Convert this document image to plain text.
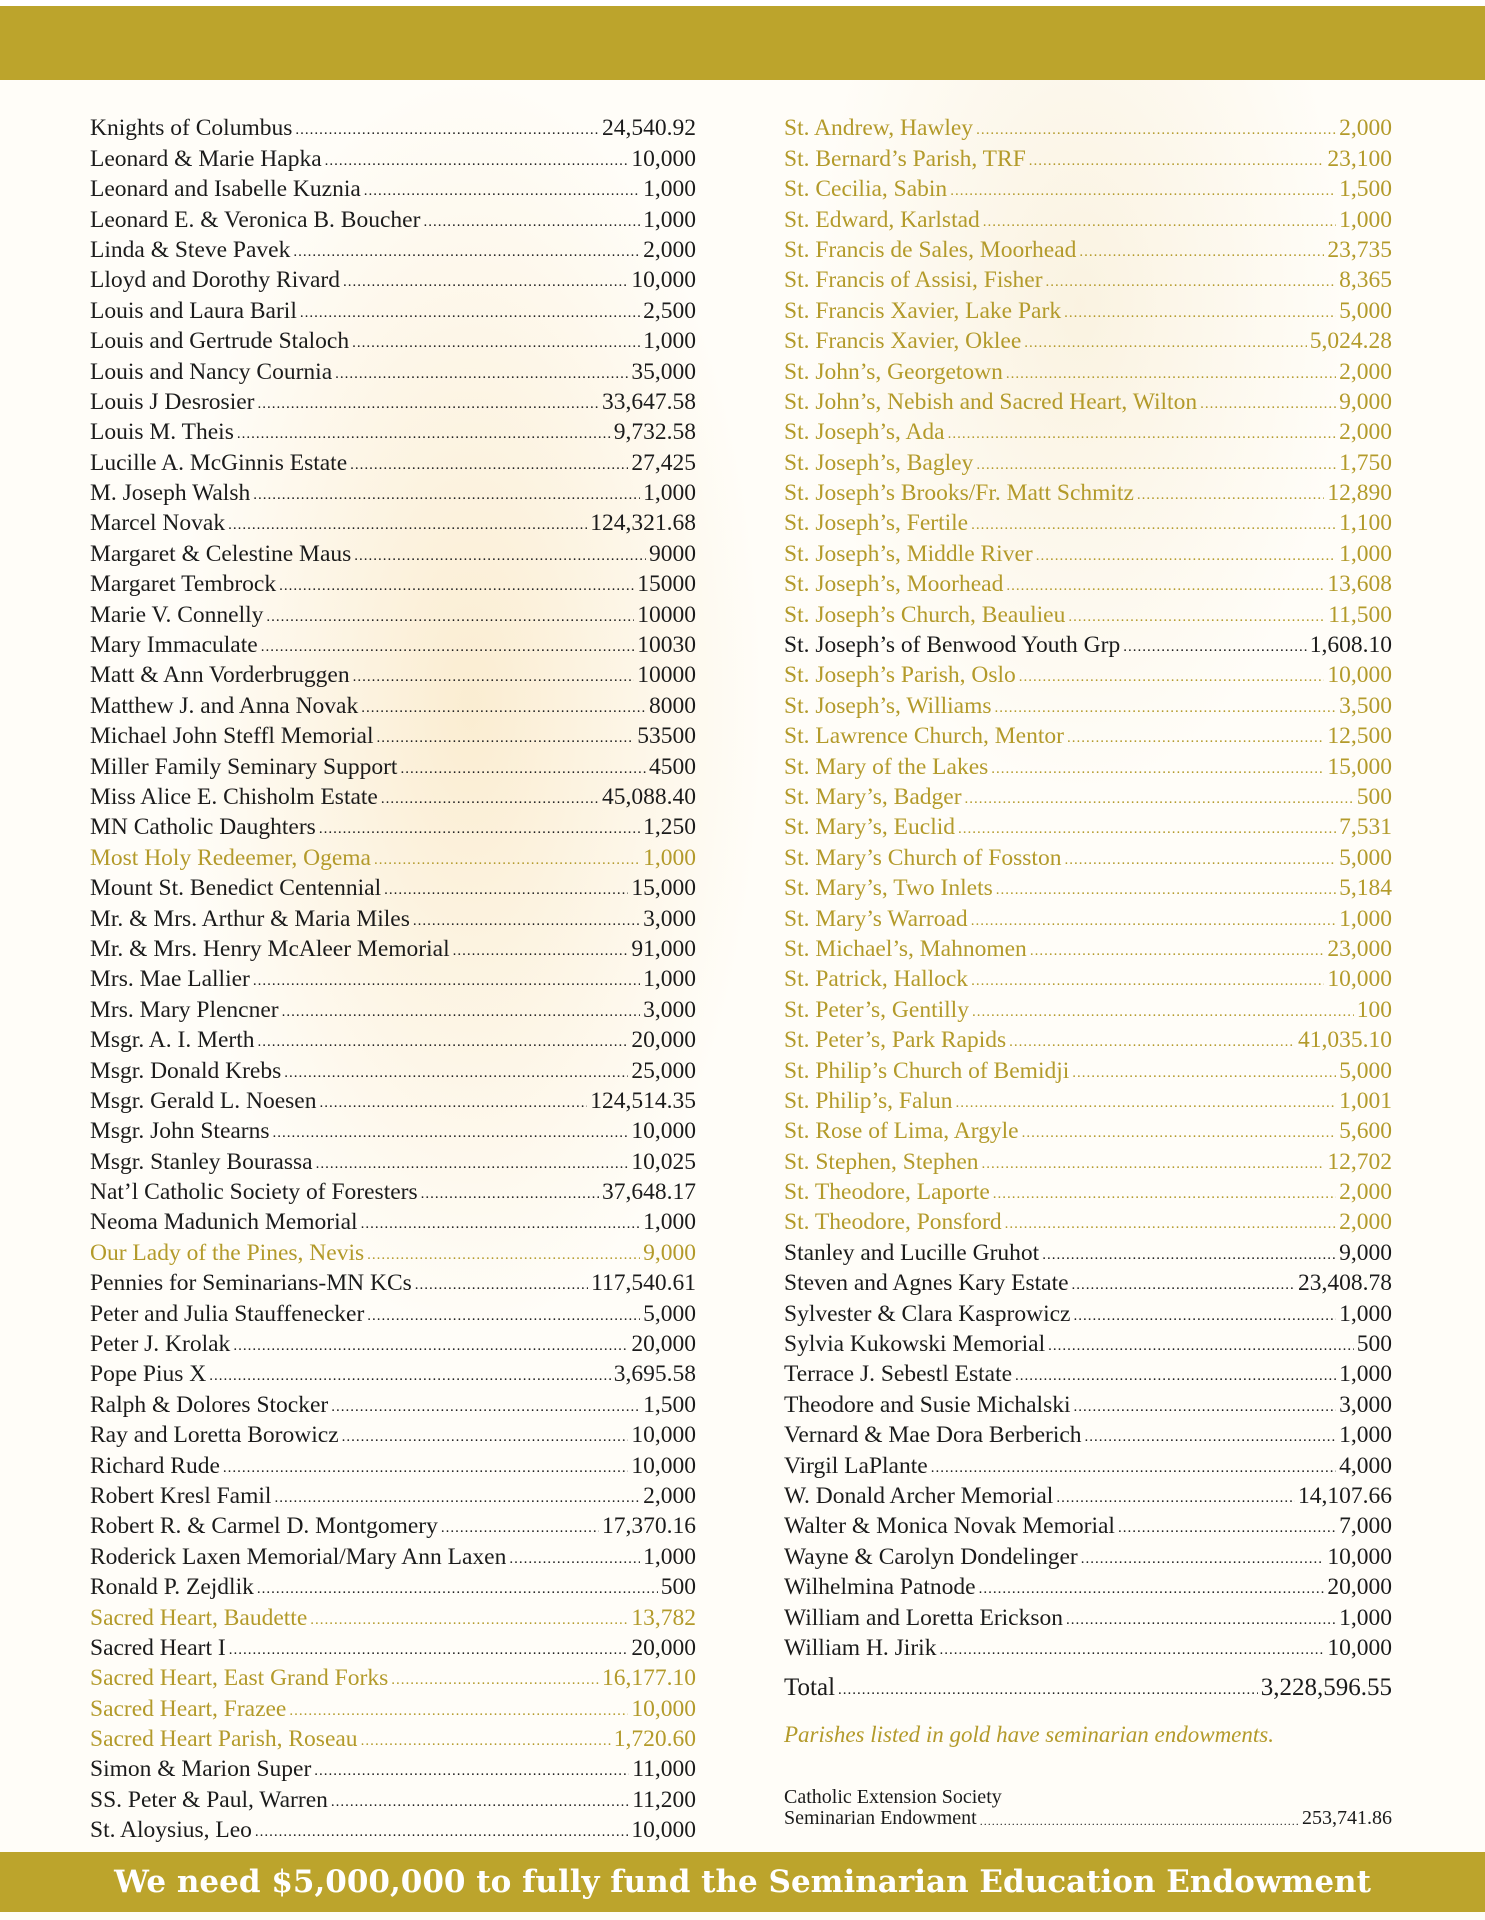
Knights of Columbus .....	24,540.92
Leonard & Marie Hapka .....	10,000
Leonard and Isabelle Kuznia .....	1,000
Leonard E. & Veronica B. Boucher .....	1,000
Linda & Steve Pavek .....	2,000
Lloyd and Dorothy Rivard .....	10,000
Louis and Laura Baril .....	2,500
Louis and Gertrude Staloch .....	1,000
Louis and Nancy Cournia .....	35,000
Louis J Desrosier .....	33,647.58
Louis M. Theis .....	9,732.58
Lucille A. McGinnis Estate .....	27,425
M. Joseph Walsh .....	1,000
Marcel Novak .....	124,321.68
Margaret & Celestine Maus .....	9000
Margaret Tembrock .....	15000
Marie V. Connelly .....	10000
Mary Immaculate .....	10030
Matt & Ann Vorderbruggen .....	10000
Matthew J. and Anna Novak .....	8000
Michael John Steffl Memorial .....	53500
Miller Family Seminary Support .....	4500
Miss Alice E. Chisholm Estate .....	45,088.40
MN Catholic Daughters .....	1,250
Most Holy Redeemer, Ogema .....	1,000
Mount St. Benedict Centennial .....	15,000
Mr. & Mrs. Arthur & Maria Miles .....	3,000
Mr. & Mrs. Henry McAleer Memorial .....	91,000
Mrs. Mae Lallier .....	1,000
Mrs. Mary Plencner .....	3,000
Msgr. A. I. Merth .....	20,000
Msgr. Donald Krebs .....	25,000
Msgr. Gerald L. Noesen .....	124,514.35
Msgr. John Stearns .....	10,000
Msgr. Stanley Bourassa .....	10,025
Nat’l Catholic Society of Foresters .....	37,648.17
Neoma Madunich Memorial .....	1,000
Our Lady of the Pines, Nevis .....	9,000
Pennies for Seminarians-MN KCs .....	117,540.61
Peter and Julia Stauffenecker .....	5,000
Peter J. Krolak .....	20,000
Pope Pius X .....	3,695.58
Ralph & Dolores Stocker .....	1,500
Ray and Loretta Borowicz .....	10,000
Richard Rude .....	10,000
Robert Kresl Famil .....	2,000
Robert R. & Carmel D. Montgomery .....	17,370.16
Roderick Laxen Memorial/Mary Ann Laxen .....	1,000
Ronald P. Zejdlik .....	500
Sacred Heart, Baudette .....	13,782
Sacred Heart I .....	20,000
Sacred Heart, East Grand Forks .....	16,177.10
Sacred Heart, Frazee .....	10,000
Sacred Heart Parish, Roseau .....	1,720.60
Simon & Marion Super .....	11,000
SS. Peter & Paul, Warren .....	11,200
St. Aloysius, Leo .....	10,000
St. Andrew, Hawley .....	2,000
St. Bernard’s Parish, TRF .....	23,100
St. Cecilia, Sabin .....	1,500
St. Edward, Karlstad .....	1,000
St. Francis de Sales, Moorhead .....	23,735
St. Francis of Assisi, Fisher .....	8,365
St. Francis Xavier, Lake Park .....	5,000
St. Francis Xavier, Oklee .....	5,024.28
St. John’s, Georgetown .....	2,000
St. John’s, Nebish and Sacred Heart, Wilton .....	9,000
St. Joseph’s, Ada .....	2,000
St. Joseph’s, Bagley .....	1,750
St. Joseph’s Brooks/Fr. Matt Schmitz .....	12,890
St. Joseph’s, Fertile .....	1,100
St. Joseph’s, Middle River .....	1,000
St. Joseph’s, Moorhead .....	13,608
St. Joseph’s Church, Beaulieu .....	11,500
St. Joseph’s of Benwood Youth Grp .....	1,608.10
St. Joseph’s Parish, Oslo .....	10,000
St. Joseph’s, Williams .....	3,500
St. Lawrence Church, Mentor .....	12,500
St. Mary of the Lakes .....	15,000
St. Mary’s, Badger .....	500
St. Mary’s, Euclid .....	7,531
St. Mary’s Church of Fosston .....	5,000
St. Mary’s, Two Inlets .....	5,184
St. Mary’s Warroad .....	1,000
St. Michael’s, Mahnomen .....	23,000
St. Patrick, Hallock .....	10,000
St. Peter’s, Gentilly .....	100
St. Peter’s, Park Rapids .....	41,035.10
St. Philip’s Church of Bemidji .....	5,000
St. Philip’s, Falun .....	1,001
St. Rose of Lima, Argyle .....	5,600
St. Stephen, Stephen .....	12,702
St. Theodore, Laporte .....	2,000
St. Theodore, Ponsford .....	2,000
Stanley and Lucille Gruhot .....	9,000
Steven and Agnes Kary Estate .....	23,408.78
Sylvester & Clara Kasprowicz .....	1,000
Sylvia Kukowski Memorial .....	500
Terrace J. Sebestl Estate .....	1,000
Theodore and Susie Michalski .....	3,000
Vernard & Mae Dora Berberich .....	1,000
Virgil LaPlante .....	4,000
W. Donald Archer Memorial .....	14,107.66
Walter & Monica Novak Memorial .....	7,000
Wayne & Carolyn Dondelinger .....	10,000
Wilhelmina Patnode .....	20,000
William and Loretta Erickson .....	1,000
William H. Jirik .....	10,000
Total .....	3,228,596.55
Parishes listed in gold have seminarian endowments.
Catholic Extension Society
Seminarian Endowment .....	253,741.86
We need $5,000,000 to fully fund the Seminarian Education Endowment
